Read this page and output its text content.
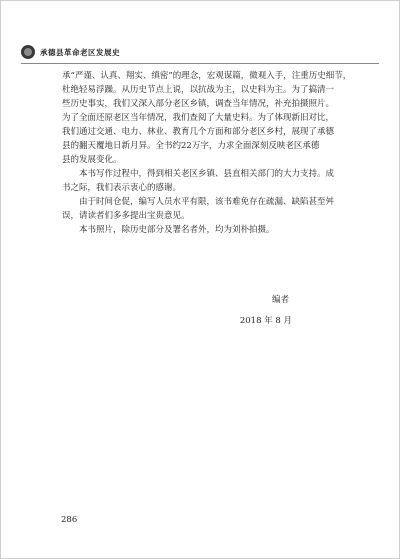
承德县革命老区发展史
承“严谨、认真、翔实、缜密”的理念，宏观谋篇，微观入手，注重历史细节，
杜绝轻易浮躁。从历史节点上说，以抗战为主，以史料为主。为了搞清一
些历史事实，我们又深入部分老区乡镇，调查当年情况，补充拍摄照片。
为了全面还原老区当年情况，我们查阅了大量史料。为了体现新旧对比，
我们通过交通、电力、林业、教育几个方面和部分老区乡村，展现了承德
县的翻天覆地日新月异。全书约22万字，力求全面深刻反映老区承德
县的发展变化。
本书写作过程中，得到相关老区乡镇、县直相关部门的大力支持。成
书之际，我们表示衷心的感谢。
由于时间仓促，编写人员水平有限，该书难免存在疏漏、缺陷甚至舛
误，请读者们多多提出宝贵意见。
本书照片，除历史部分及署名者外，均为刘朴拍摄。
编者
2018 年 8 月
286
